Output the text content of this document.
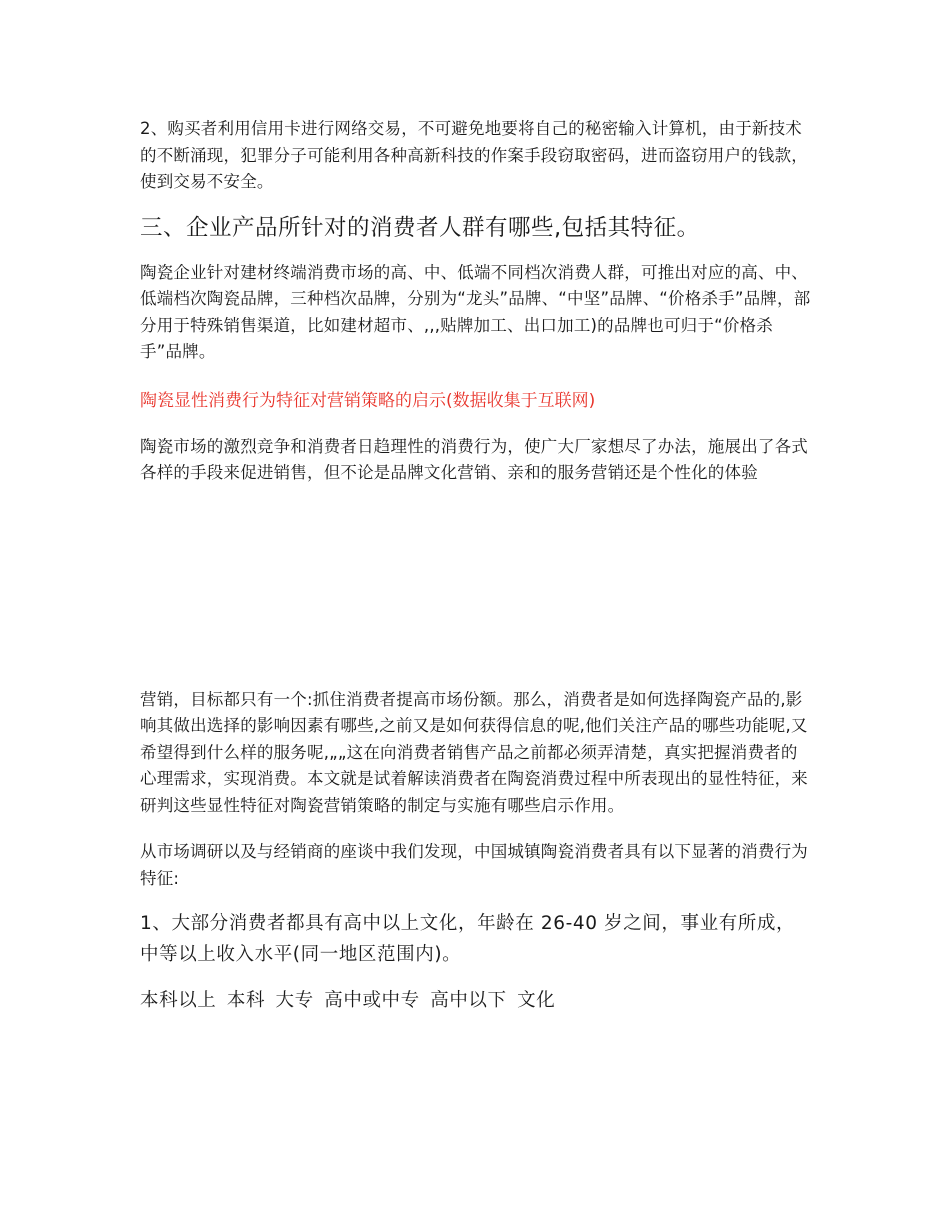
2、购买者利用信用卡进行网络交易，不可避免地要将自己的秘密输入计算机，由于新技术的不断涌现，犯罪分子可能利用各种高新科技的作案手段窃取密码，进而盗窃用户的钱款，使到交易不安全。

三、企业产品所针对的消费者人群有哪些,包括其特征。

陶瓷企业针对建材终端消费市场的高、中、低端不同档次消费人群，可推出对应的高、中、低端档次陶瓷品牌，三种档次品牌，分别为“龙头”品牌、“中坚”品牌、“价格杀手”品牌，部分用于特殊销售渠道，比如建材超市、,,,贴牌加工、出口加工)的品牌也可归于“价格杀手”品牌。

陶瓷显性消费行为特征对营销策略的启示(数据收集于互联网)

陶瓷市场的激烈竞争和消费者日趋理性的消费行为，使广大厂家想尽了办法，施展出了各式各样的手段来促进销售，但不论是品牌文化营销、亲和的服务营销还是个性化的体验

营销，目标都只有一个:抓住消费者提高市场份额。那么，消费者是如何选择陶瓷产品的,影响其做出选择的影响因素有哪些,之前又是如何获得信息的呢,他们关注产品的哪些功能呢,又希望得到什么样的服务呢,„„这在向消费者销售产品之前都必须弄清楚，真实把握消费者的心理需求，实现消费。本文就是试着解读消费者在陶瓷消费过程中所表现出的显性特征，来研判这些显性特征对陶瓷营销策略的制定与实施有哪些启示作用。

从市场调研以及与经销商的座谈中我们发现，中国城镇陶瓷消费者具有以下显著的消费行为特征:

1、大部分消费者都具有高中以上文化，年龄在 26-40 岁之间，事业有所成，中等以上收入水平(同一地区范围内)。

本科以上 本科 大专 高中或中专 高中以下 文化
